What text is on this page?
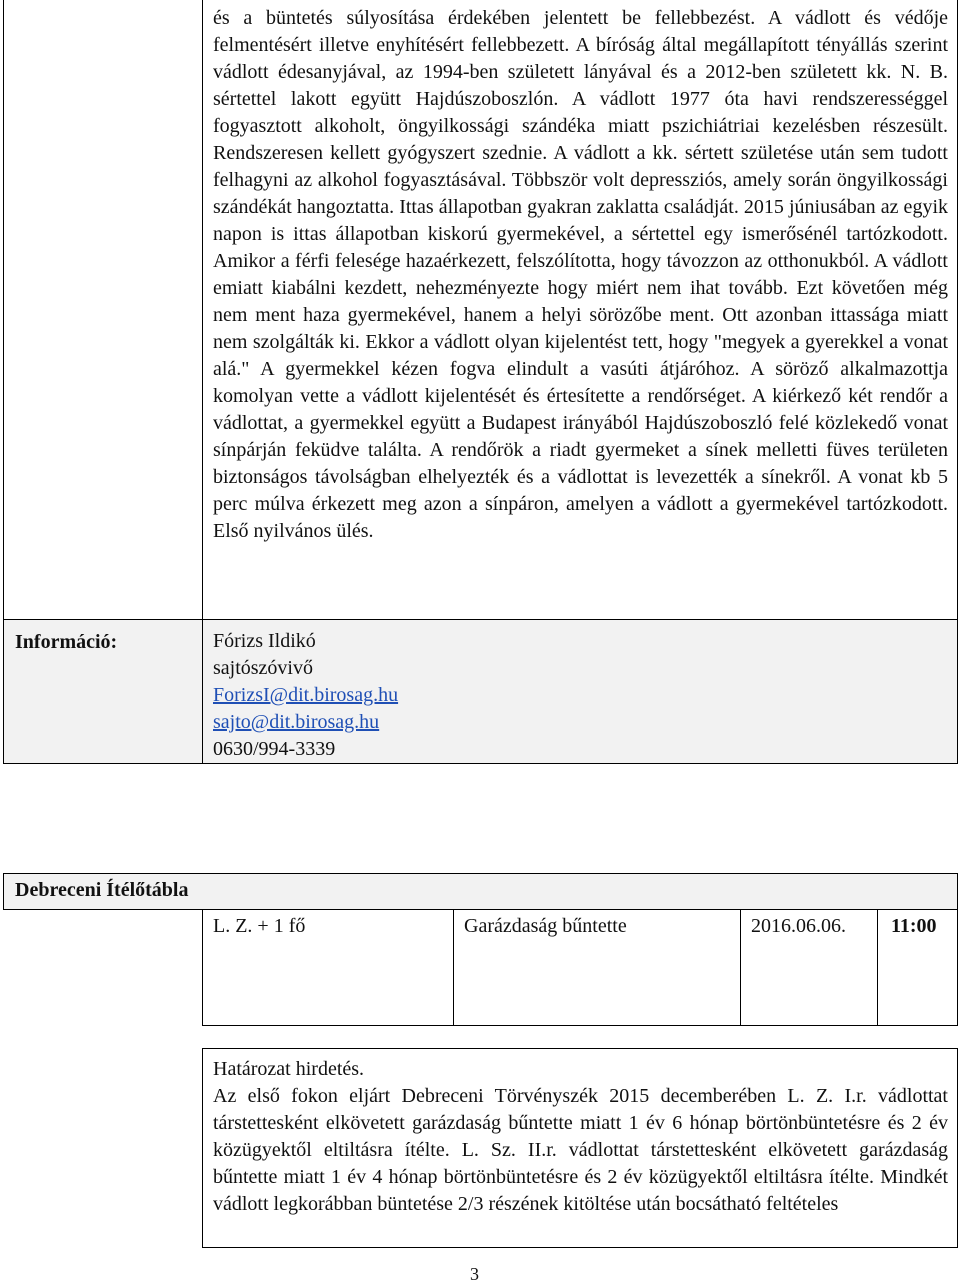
és a büntetés súlyosítása érdekében jelentett be fellebbezést. A vádlott és védője felmentésért illetve enyhítésért fellebbezett. A bíróság által megállapított tényállás szerint vádlott édesanyjával, az 1994-ben született lányával és a 2012-ben született kk. N. B. sértettel lakott együtt Hajdúszoboszlón. A vádlott 1977 óta havi rendszerességgel fogyasztott alkoholt, öngyilkossági szándéka miatt pszichiátriai kezelésben részesült. Rendszeresen kellett gyógyszert szednie. A vádlott a kk. sértett születése után sem tudott felhagyni az alkohol fogyasztásával. Többször volt depressziós, amely során öngyilkossági szándékát hangoztatta. Ittas állapotban gyakran zaklatta családját. 2015 júniusában az egyik napon is ittas állapotban kiskorú gyermekével, a sértettel egy ismerősénél tartózkodott. Amikor a férfi felesége hazaérkezett, felszólította, hogy távozzon az otthonukból. A vádlott emiatt kiabálni kezdett, nehezményezte hogy miért nem ihat tovább. Ezt követően még nem ment haza gyermekével, hanem a helyi sörözőbe ment. Ott azonban ittassága miatt nem szolgálták ki. Ekkor a vádlott olyan kijelentést tett, hogy "megyek a gyerekkel a vonat alá." A gyermekkel kézen fogva elindult a vasúti átjáróhoz. A söröző alkalmazottja komolyan vette a vádlott kijelentését és értesítette a rendőrséget. A kiérkező két rendőr a vádlottat, a gyermekkel együtt a Budapest irányából Hajdúszoboszló felé közlekedő vonat sínpárján feküdve találta. A rendőrök a riadt gyermeket a sínek melletti füves területen biztonságos távolságban elhelyezték és a vádlottat is levezették a sínekről. A vonat kb 5 perc múlva érkezett meg azon a sínpáron, amelyen a vádlott a gyermekével tartózkodott. Első nyilvános ülés.
Információ:	Fórizs Ildikó
sajtószóvivő
ForizsI@dit.birosag.hu
sajto@dit.birosag.hu
0630/994-3339
Debreceni Ítélőtábla
L. Z. + 1 fő	Garázdaság bűntette	2016.06.06. 11:00
Határozat hirdetés.
Az első fokon eljárt Debreceni Törvényszék 2015 decemberében L. Z. I.r. vádlottat társtettesként elkövetett garázdaság bűntette miatt 1 év 6 hónap börtönbüntetésre és 2 év közügyektől eltiltásra ítélte. L. Sz. II.r. vádlottat társtettesként elkövetett garázdaság bűntette miatt 1 év 4 hónap börtönbüntetésre és 2 év közügyektől eltiltásra ítélte. Mindkét vádlott legkorábban büntetése 2/3 részének kitöltése után bocsátható feltételes
3
